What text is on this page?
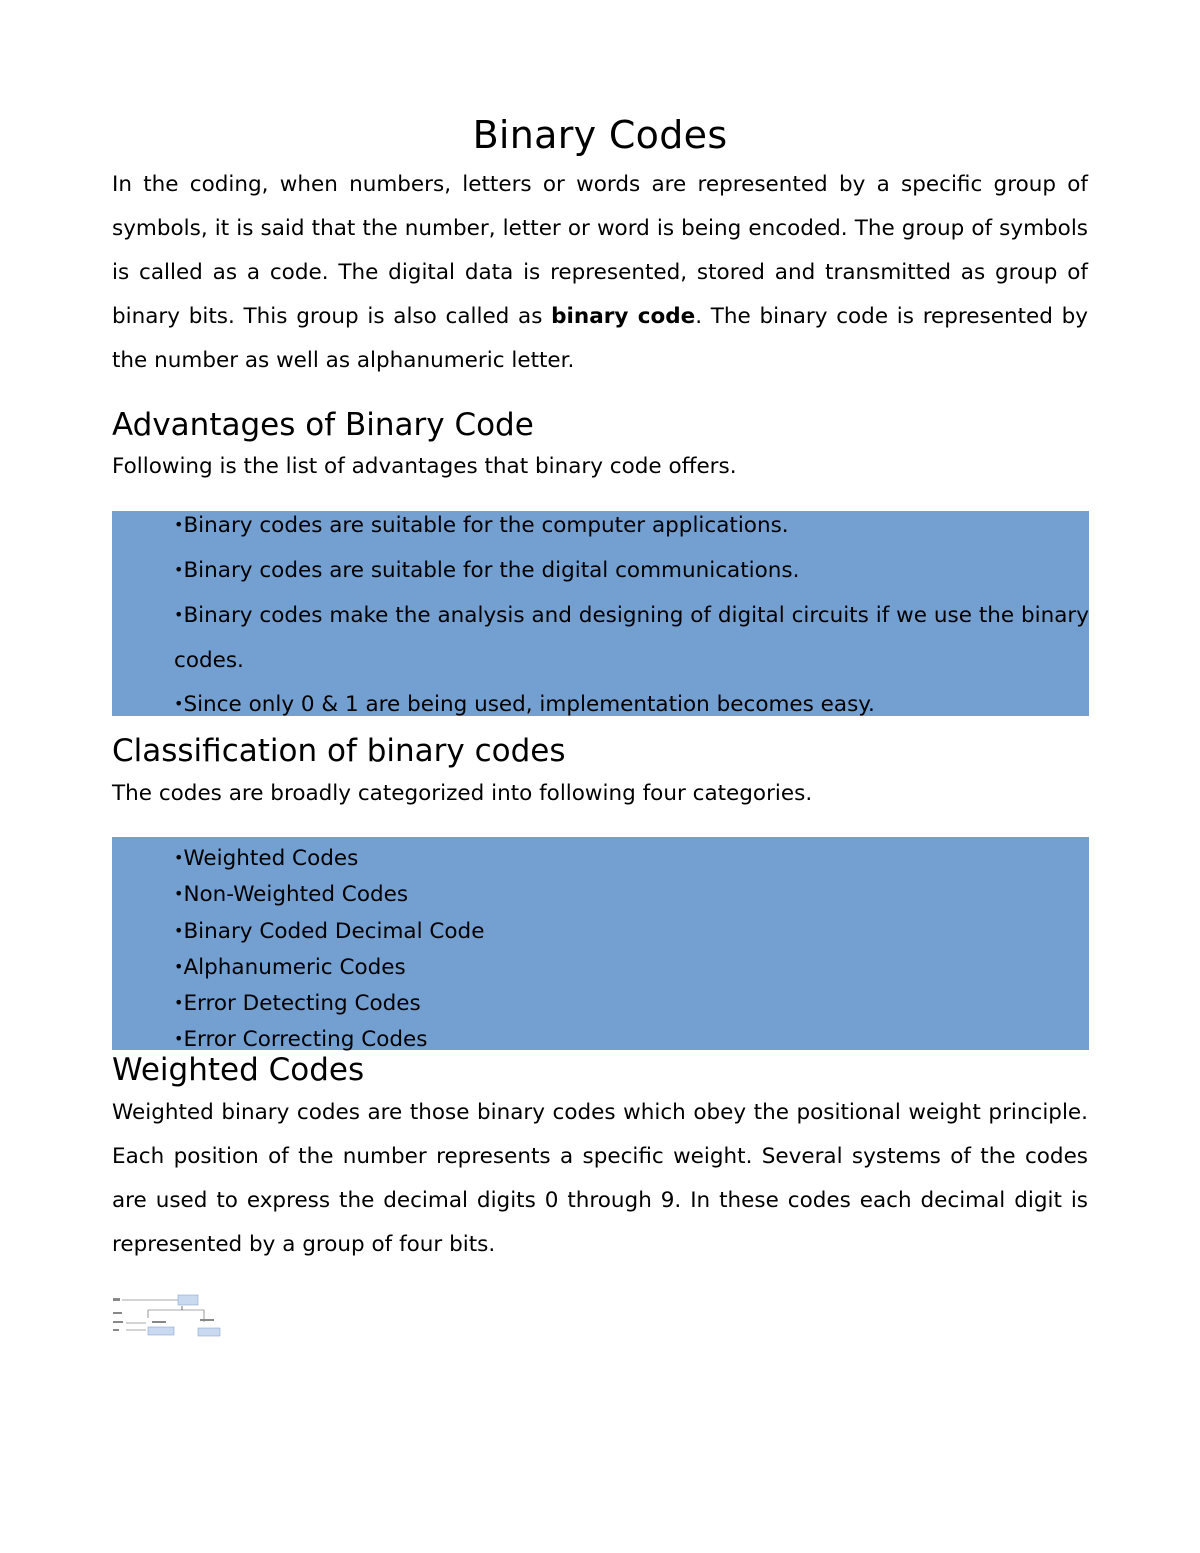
Binary Codes

In the coding, when numbers, letters or words are represented by a specific group of symbols, it is said that the number, letter or word is being encoded. The group of symbols is called as a code. The digital data is represented, stored and transmitted as group of binary bits. This group is also called as binary code. The binary code is represented by the number as well as alphanumeric letter.

Advantages of Binary Code

Following is the list of advantages that binary code offers.

• Binary codes are suitable for the computer applications.
• Binary codes are suitable for the digital communications.
• Binary codes make the analysis and designing of digital circuits if we use the binary codes.
• Since only 0 & 1 are being used, implementation becomes easy.
Classification of binary codes

The codes are broadly categorized into following four categories.

• Weighted Codes
• Non-Weighted Codes
• Binary Coded Decimal Code
• Alphanumeric Codes
• Error Detecting Codes
• Error Correcting Codes
Weighted Codes

Weighted binary codes are those binary codes which obey the positional weight principle. Each position of the number represents a specific weight. Several systems of the codes are used to express the decimal digits 0 through 9. In these codes each decimal digit is represented by a group of four bits.
